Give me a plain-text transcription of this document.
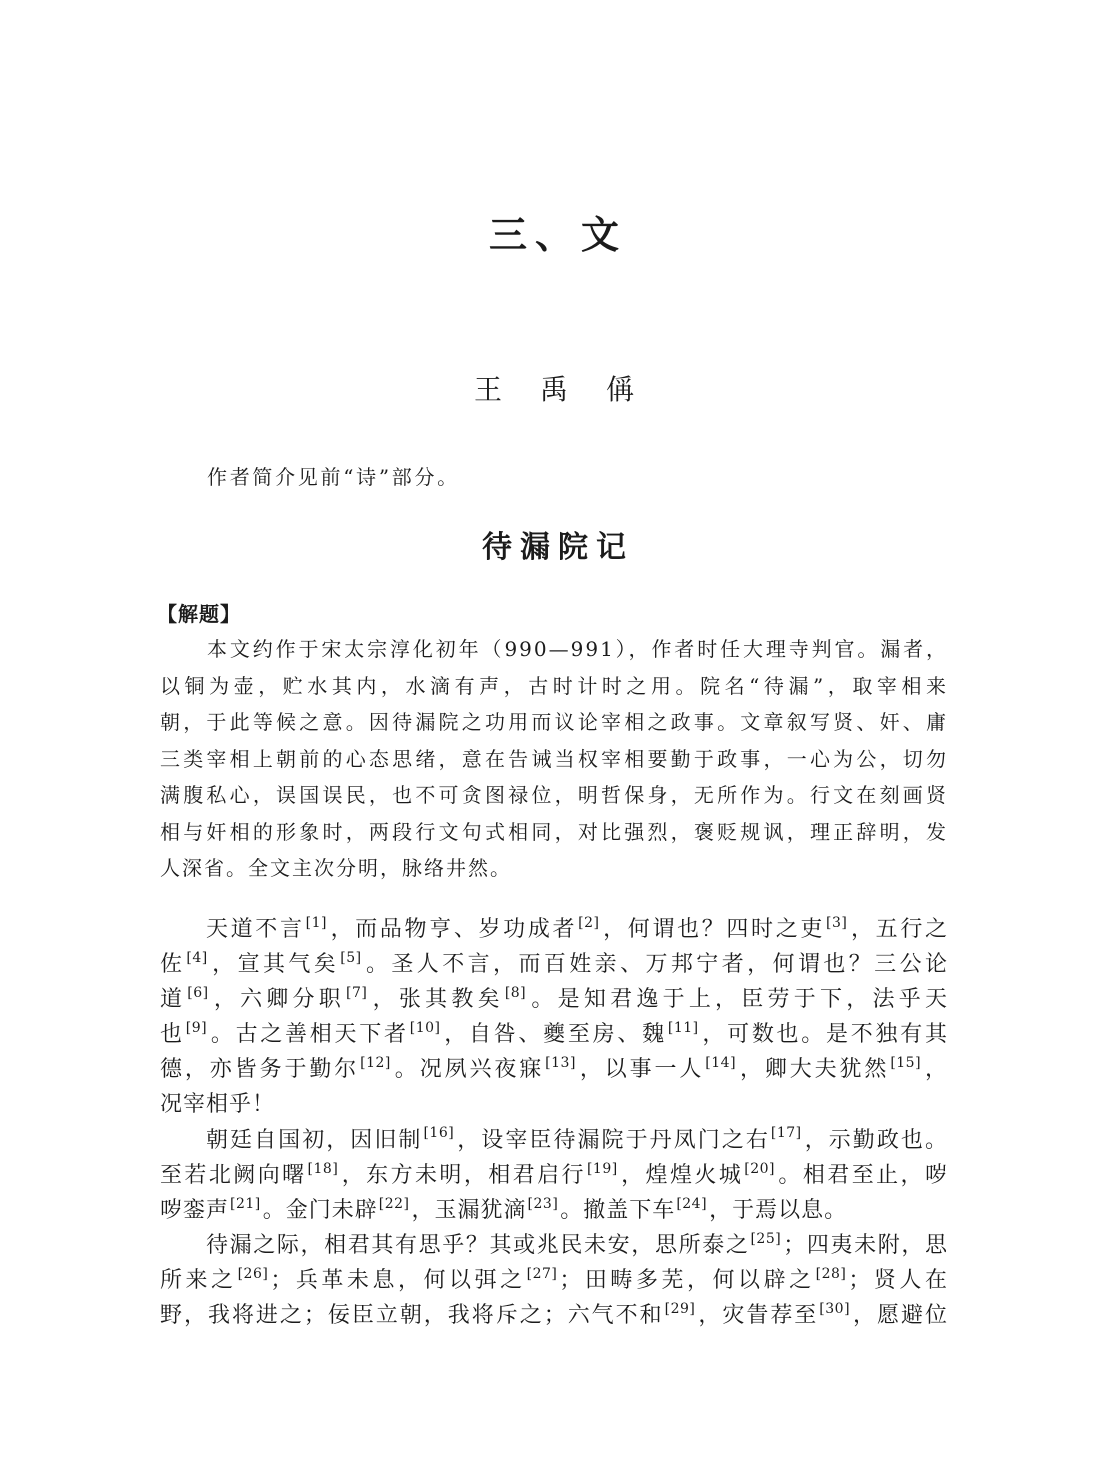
三、文
王禹偁
作者简介见前“诗”部分。
待漏院记
【解题】
本文约作于宋太宗淳化初年（990—991），作者时任大理寺判官。漏者，
以铜为壶，贮水其内，水滴有声，古时计时之用。院名“待漏”，取宰相来
朝，于此等候之意。因待漏院之功用而议论宰相之政事。文章叙写贤、奸、庸
三类宰相上朝前的心态思绪，意在告诫当权宰相要勤于政事，一心为公，切勿
满腹私心，误国误民，也不可贪图禄位，明哲保身，无所作为。行文在刻画贤
相与奸相的形象时，两段行文句式相同，对比强烈，褒贬规讽，理正辞明，发
人深省。全文主次分明，脉络井然。
天道不言[1]，而品物亨、岁功成者[2]，何谓也？四时之吏[3]，五行之
佐[4]，宣其气矣[5]。圣人不言，而百姓亲、万邦宁者，何谓也？三公论
道[6]，六卿分职[7]，张其教矣[8]。是知君逸于上，臣劳于下，法乎天
也[9]。古之善相天下者[10]，自咎、夔至房、魏[11]，可数也。是不独有其
德，亦皆务于勤尔[12]。况夙兴夜寐[13]，以事一人[14]，卿大夫犹然[15]，
况宰相乎！
朝廷自国初，因旧制[16]，设宰臣待漏院于丹凤门之右[17]，示勤政也。
至若北阙向曙[18]，东方未明，相君启行[19]，煌煌火城[20]。相君至止，哕
哕銮声[21]。金门未辟[22]，玉漏犹滴[23]。撤盖下车[24]，于焉以息。
待漏之际，相君其有思乎？其或兆民未安，思所泰之[25]；四夷未附，思
所来之[26]；兵革未息，何以弭之[27]；田畴多芜，何以辟之[28]；贤人在
野，我将进之；佞臣立朝，我将斥之；六气不和[29]，灾眚荐至[30]，愿避位
